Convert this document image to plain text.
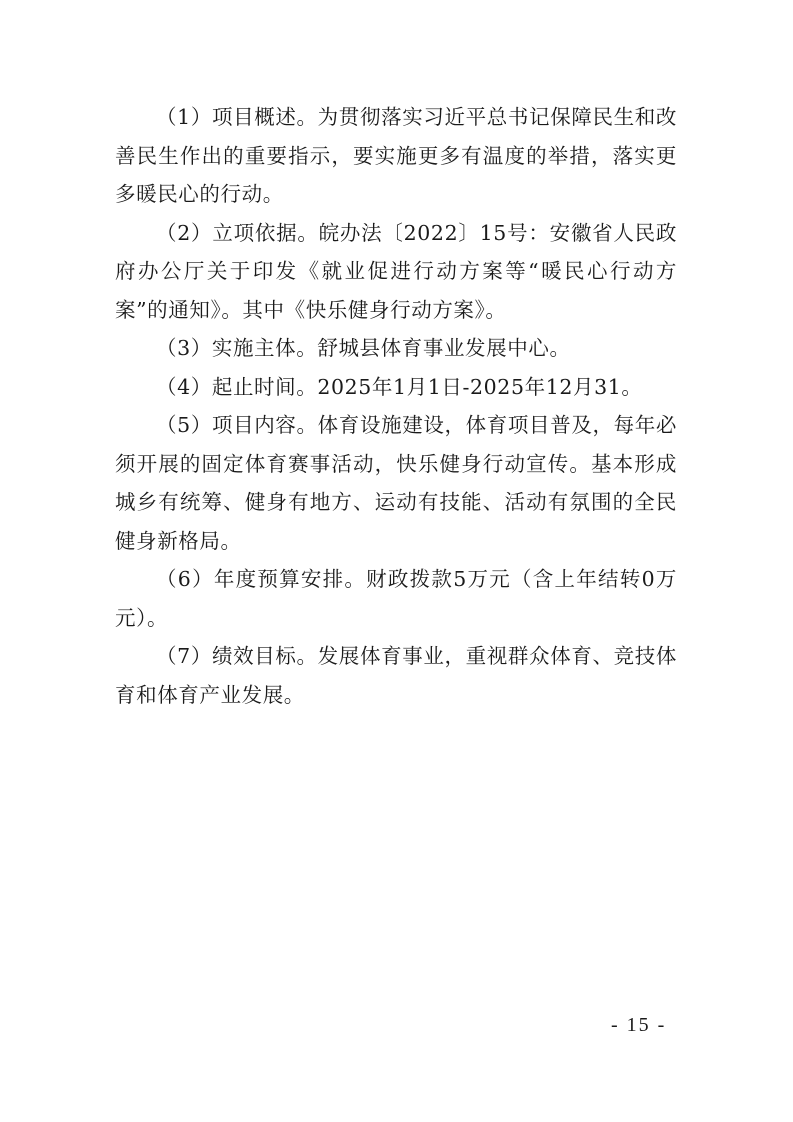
（1）项目概述。为贯彻落实习近平总书记保障民生和改善民生作出的重要指示，要实施更多有温度的举措，落实更多暖民心的行动。

（2）立项依据。皖办法〔2022〕15号：安徽省人民政府办公厅关于印发《就业促进行动方案等“暖民心行动方案”的通知》。其中《快乐健身行动方案》。

（3）实施主体。舒城县体育事业发展中心。

（4）起止时间。2025年1月1日-2025年12月31。

（5）项目内容。体育设施建设，体育项目普及，每年必须开展的固定体育赛事活动，快乐健身行动宣传。基本形成城乡有统筹、健身有地方、运动有技能、活动有氛围的全民健身新格局。

（6）年度预算安排。财政拨款5万元（含上年结转0万元）。

（7）绩效目标。发展体育事业，重视群众体育、竞技体育和体育产业发展。

- 15 -
